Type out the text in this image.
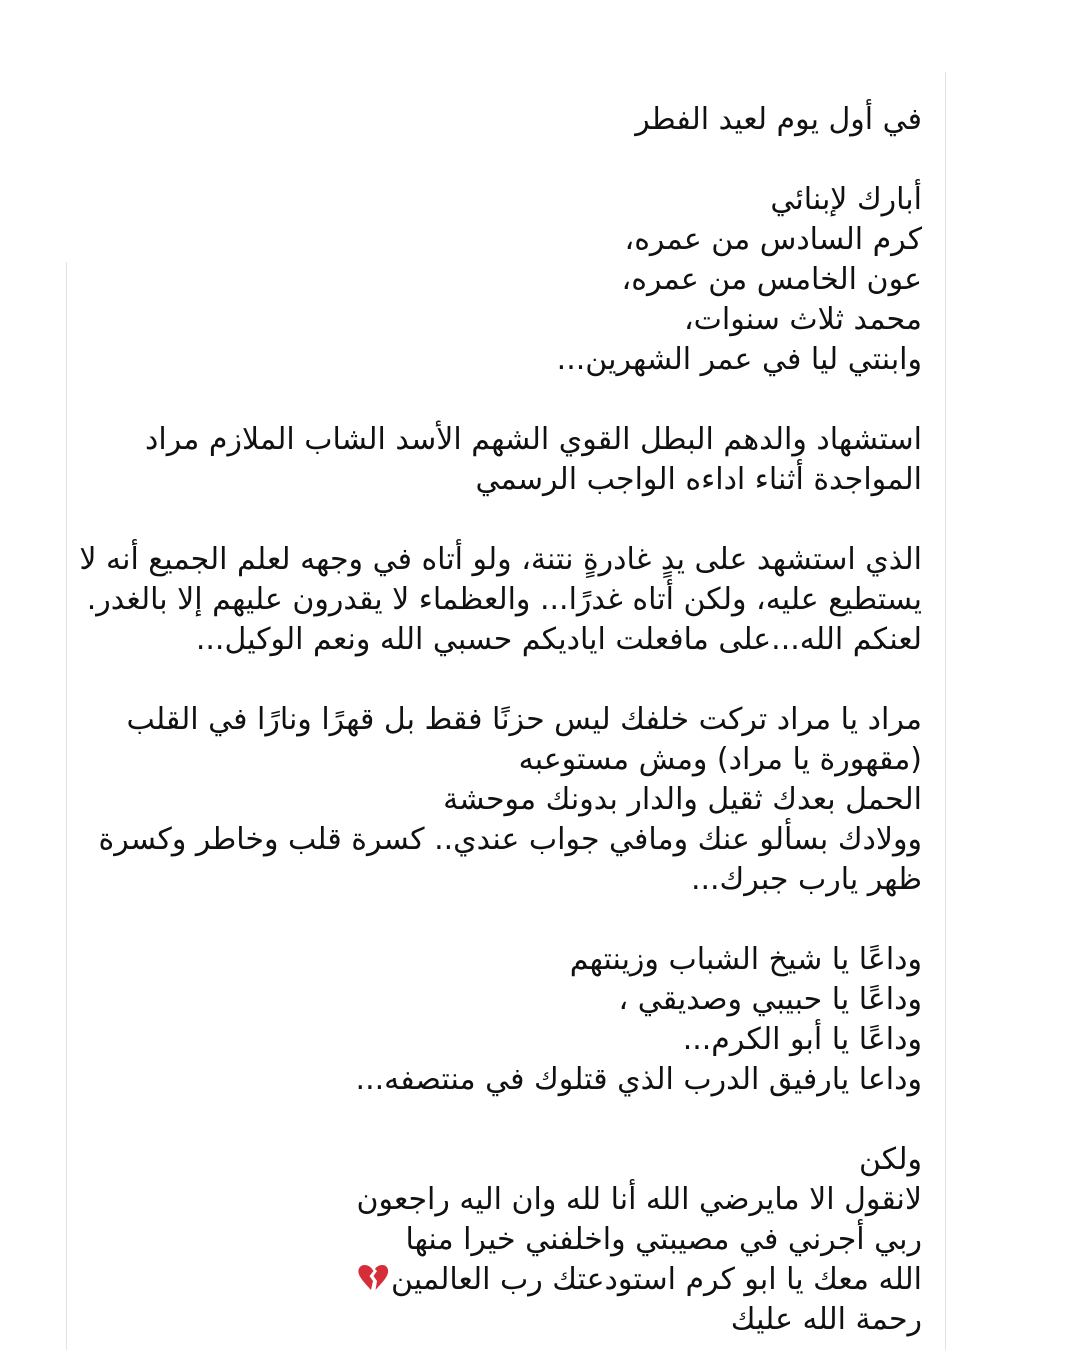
في أول يوم لعيد الفطر
أبارك لإبنائي
كرم السادس من عمره،
عون الخامس من عمره،
محمد ثلاث سنوات،
وابنتي ليا في عمر الشهرين...
استشهاد والدهم البطل القوي الشهم الأسد الشاب الملازم مراد
المواجدة أثناء اداءه الواجب الرسمي
الذي استشهد على يدٍ غادرةٍ نتنة، ولو أتاه في وجهه لعلم الجميع أنه لا
يستطيع عليه، ولكن أتاه غدرًا... والعظماء لا يقدرون عليهم إلا بالغدر.
لعنكم الله...على مافعلت اياديكم حسبي الله ونعم الوكيل...
مراد يا مراد تركت خلفك ليس حزنًا فقط بل قهرًا ونارًا في القلب
(مقهورة يا مراد) ومش مستوعبه
الحمل بعدك ثقيل والدار بدونك موحشة
وولادك بسألو عنك ومافي جواب عندي.. كسرة قلب وخاطر وكسرة
ظهر يارب جبرك...
وداعًا يا شيخ الشباب وزينتهم
وداعًا يا حبيبي وصديقي ،
وداعًا يا أبو الكرم...
وداعا يارفيق الدرب الذي قتلوك في منتصفه...
ولكن
لانقول الا مايرضي الله أنا لله وان اليه راجعون
ربي أجرني في مصيبتي واخلفني خيرا منها
الله معك يا ابو كرم استودعتك رب العالمين
رحمة الله عليك
